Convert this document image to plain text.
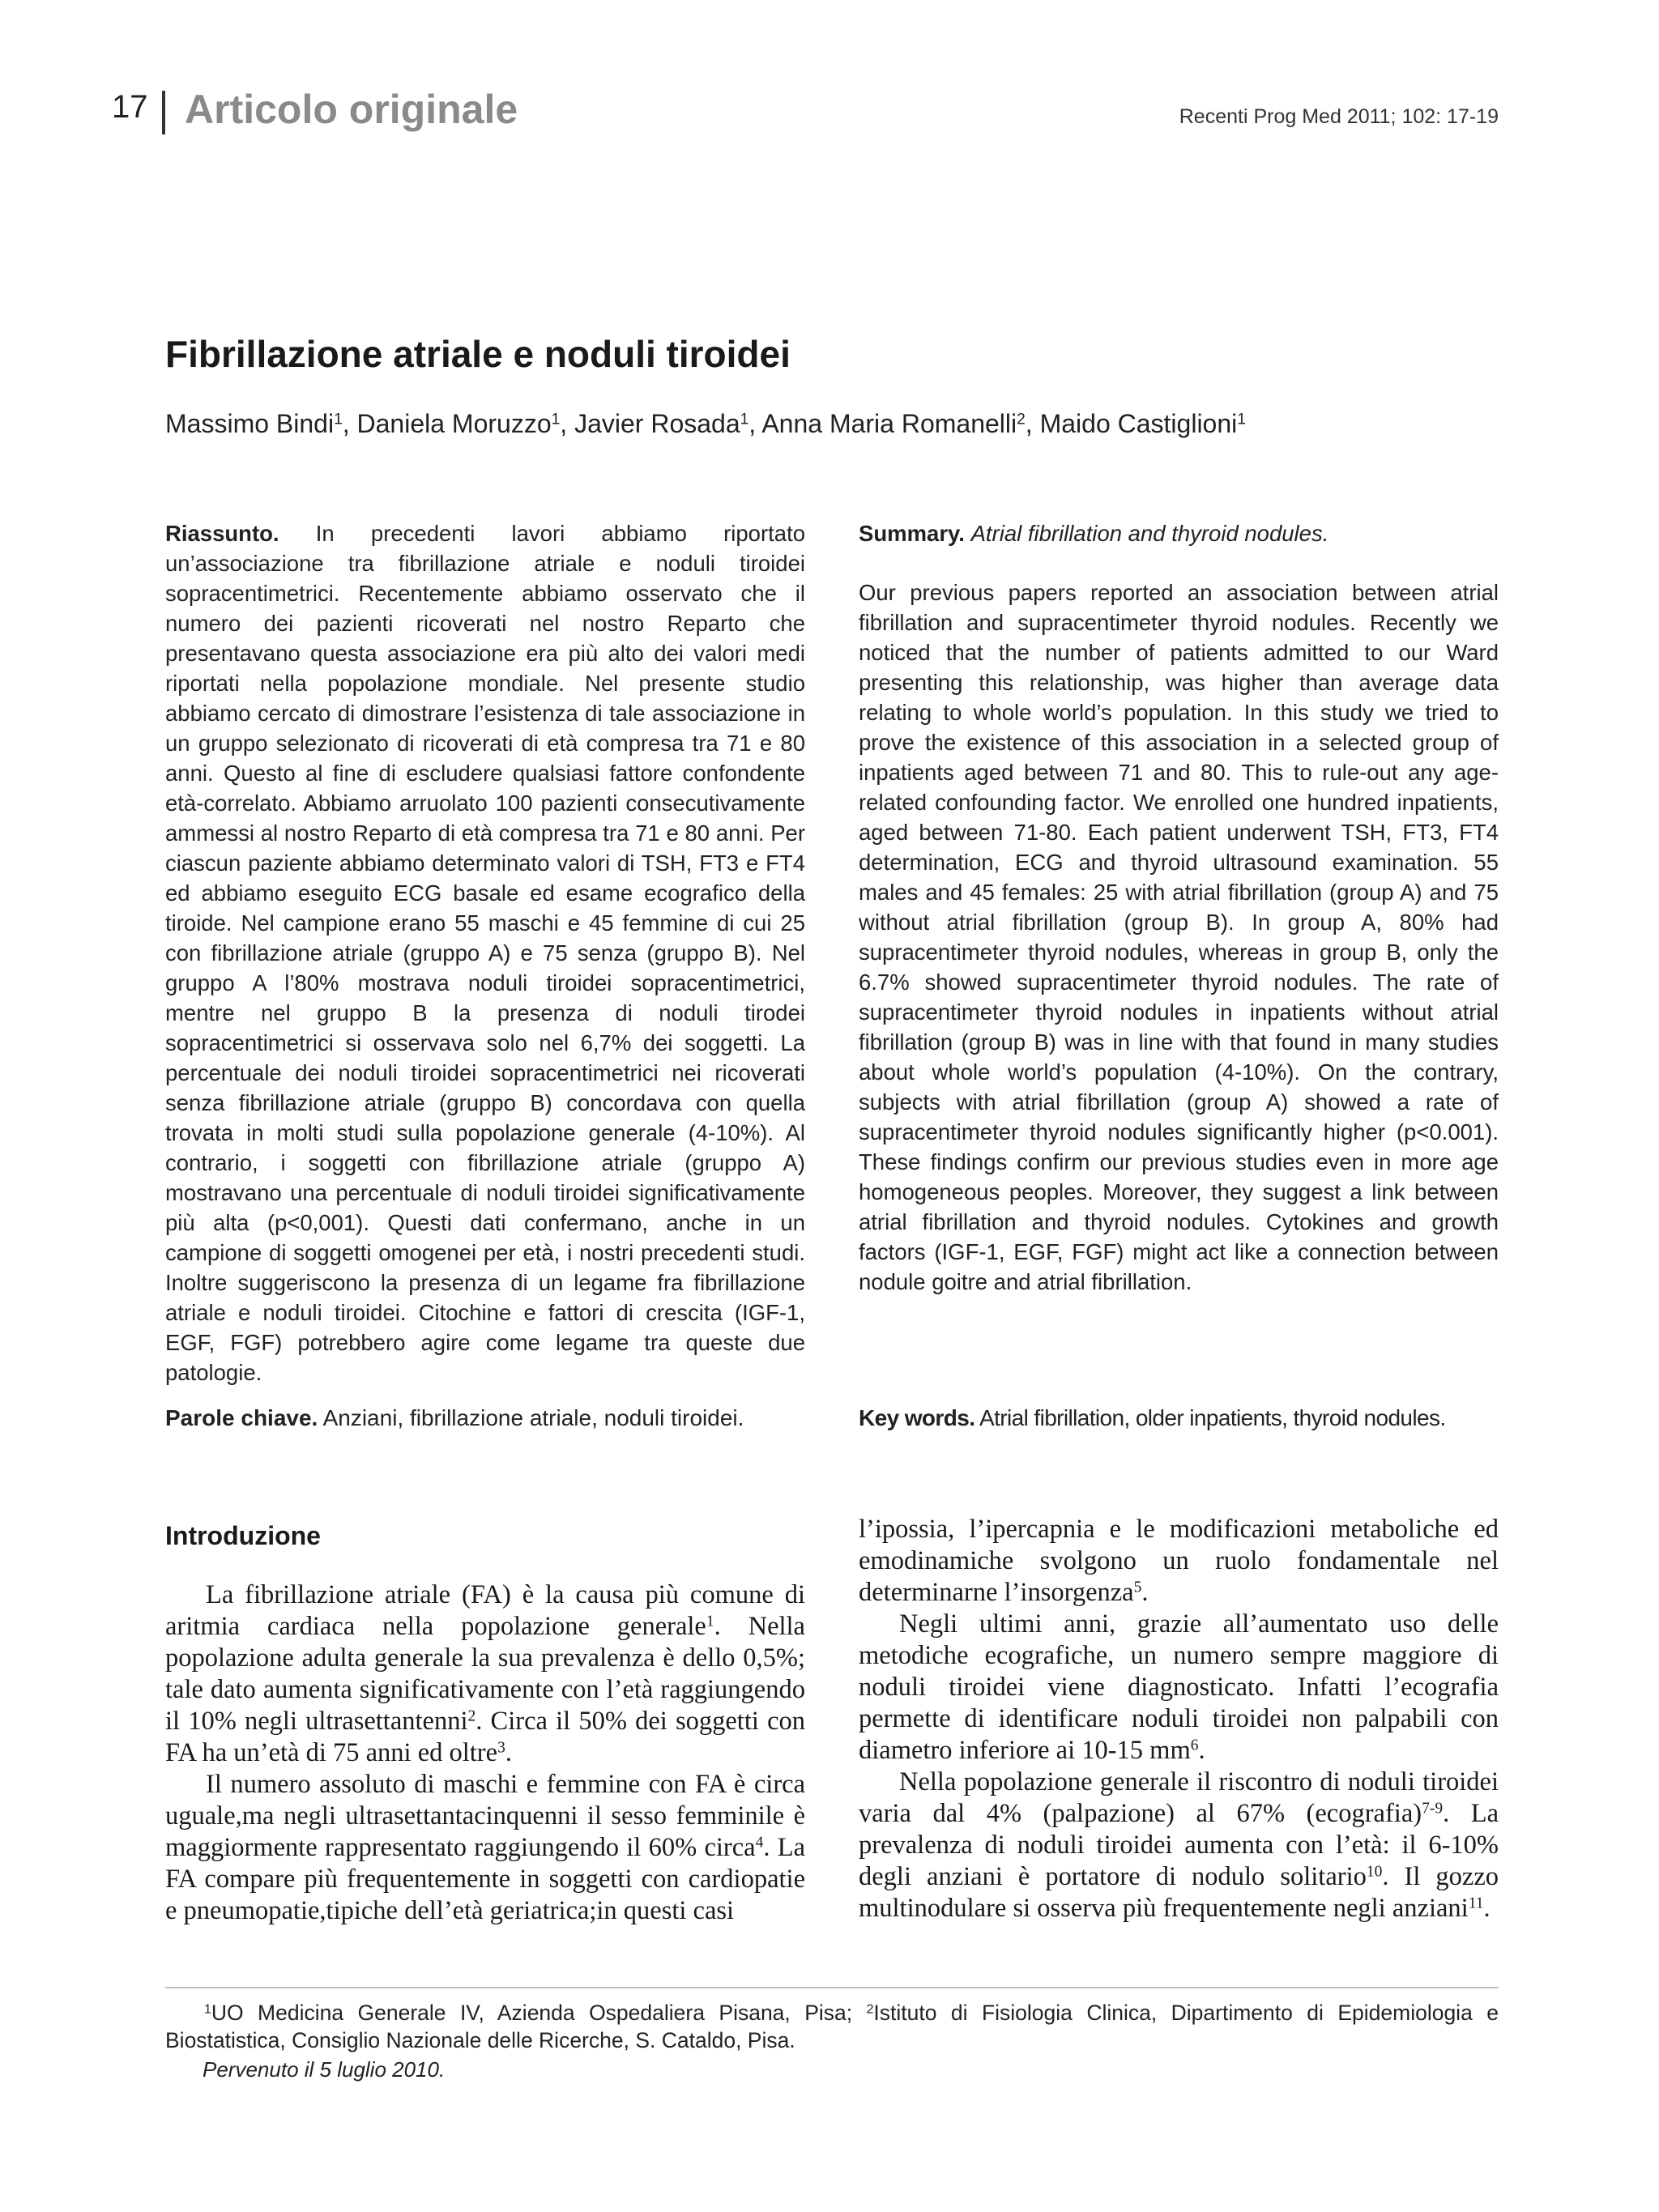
17 Articolo originale	Recenti Prog Med 2011; 102: 17-19
Fibrillazione atriale e noduli tiroidei
Massimo Bindi$^1$, Daniela Moruzzo$^1$, Javier Rosada$^1$, Anna Maria Romanelli$^2$, Maido Castiglioni$^1$
Riassunto. In precedenti lavori abbiamo riportato un’associazione tra fibrillazione atriale e noduli tiroidei sopracentimetrici. Recentemente abbiamo osservato che il numero dei pazienti ricoverati nel nostro Reparto che presentavano questa associazione era più alto dei valori medi riportati nella popolazione mondiale. Nel presente studio abbiamo cercato di dimostrare l’esistenza di tale associazione in un gruppo selezionato di ricoverati di età compresa tra 71 e 80 anni. Questo al fine di escludere qualsiasi fattore confondente età-correlato. Abbiamo arruolato 100 pazienti consecutivamente ammessi al nostro Reparto di età compresa tra 71 e 80 anni. Per ciascun paziente abbiamo determinato valori di TSH, FT3 e FT4 ed abbiamo eseguito ECG basale ed esame ecografico della tiroide. Nel campione erano 55 maschi e 45 femmine di cui 25 con fibrillazione atriale (gruppo A) e 75 senza (gruppo B). Nel gruppo A l’80% mostrava noduli tiroidei sopracentimetrici, mentre nel gruppo B la presenza di noduli tirodei sopracentimetrici si osservava solo nel 6,7% dei soggetti. La percentuale dei noduli tiroidei sopracentimetrici nei ricoverati senza fibrillazione atriale (gruppo B) concordava con quella trovata in molti studi sulla popolazione generale (4-10%). Al contrario, i soggetti con fibrillazione atriale (gruppo A) mostravano una percentuale di noduli tiroidei significativamente più alta (p<0,001). Questi dati confermano, anche in un campione di soggetti omogenei per età, i nostri precedenti studi. Inoltre suggeriscono la presenza di un legame fra fibrillazione atriale e noduli tiroidei. Citochine e fattori di crescita (IGF-1, EGF, FGF) potrebbero agire come legame tra queste due patologie.
Parole chiave. Anziani, fibrillazione atriale, noduli tiroidei.
Summary. Atrial fibrillation and thyroid nodules.
Our previous papers reported an association between atrial fibrillation and supracentimeter thyroid nodules. Recently we noticed that the number of patients admitted to our Ward presenting this relationship, was higher than average data relating to whole world’s population. In this study we tried to prove the existence of this association in a selected group of inpatients aged between 71 and 80. This to rule-out any age-related confounding factor. We enrolled one hundred inpatients, aged between 71-80. Each patient underwent TSH, FT3, FT4 determination, ECG and thyroid ultrasound examination. 55 males and 45 females: 25 with atrial fibrillation (group A) and 75 without atrial fibrillation (group B). In group A, 80% had supracentimeter thyroid nodules, whereas in group B, only the 6.7% showed supracentimeter thyroid nodules. The rate of supracentimeter thyroid nodules in inpatients without atrial fibrillation (group B) was in line with that found in many studies about whole world’s population (4-10%). On the contrary, subjects with atrial fibrillation (group A) showed a rate of supracentimeter thyroid nodules significantly higher (p<0.001). These findings confirm our previous studies even in more age homogeneous peoples. Moreover, they suggest a link between atrial fibrillation and thyroid nodules. Cytokines and growth factors (IGF-1, EGF, FGF) might act like a connection between nodule goitre and atrial fibrillation.
Key words. Atrial fibrillation, older inpatients, thyroid nodules.
Introduzione

La fibrillazione atriale (FA) è la causa più comune di aritmia cardiaca nella popolazione generale$^1$. Nella popolazione adulta generale la sua prevalenza è dello 0,5%; tale dato aumenta significativamente con l’età raggiungendo il 10% negli ultrasettantenni$^2$. Circa il 50% dei soggetti con FA ha un’età di 75 anni ed oltre$^3$.

Il numero assoluto di maschi e femmine con FA è circa uguale,ma negli ultrasettantacinquenni il sesso femminile è maggiormente rappresentato raggiungendo il 60% circa$^4$. La FA compare più frequentemente in soggetti con cardiopatie e pneumopatie,tipiche dell’età geriatrica;in questi casi

l’ipossia, l’ipercapnia e le modificazioni metaboliche ed emodinamiche svolgono un ruolo fondamentale nel determinarne l’insorgenza$^5$.

Negli ultimi anni, grazie all’aumentato uso delle metodiche ecografiche, un numero sempre maggiore di noduli tiroidei viene diagnosticato. Infatti l’ecografia permette di identificare noduli tiroidei non palpabili con diametro inferiore ai 10-15 $mm^6$.

Nella popolazione generale il riscontro di noduli tiroidei varia dal 4% (palpazione) al 67% (ecografia)$^{7-9}$. La prevalenza di noduli tiroidei aumenta con l’età: il 6-10% degli anziani è portatore di nodulo solitario$^{10}$. Il gozzo multinodulare si osserva più frequentemente negli anziani$^{11}$.

$^1$UO Medicina Generale IV, Azienda Ospedaliera Pisana, Pisa; $^2$Istituto di Fisiologia Clinica, Dipartimento di Epidemiologia e Biostatistica, Consiglio Nazionale delle Ricerche, S. Cataldo, Pisa.
Pervenuto il 5 luglio 2010.
